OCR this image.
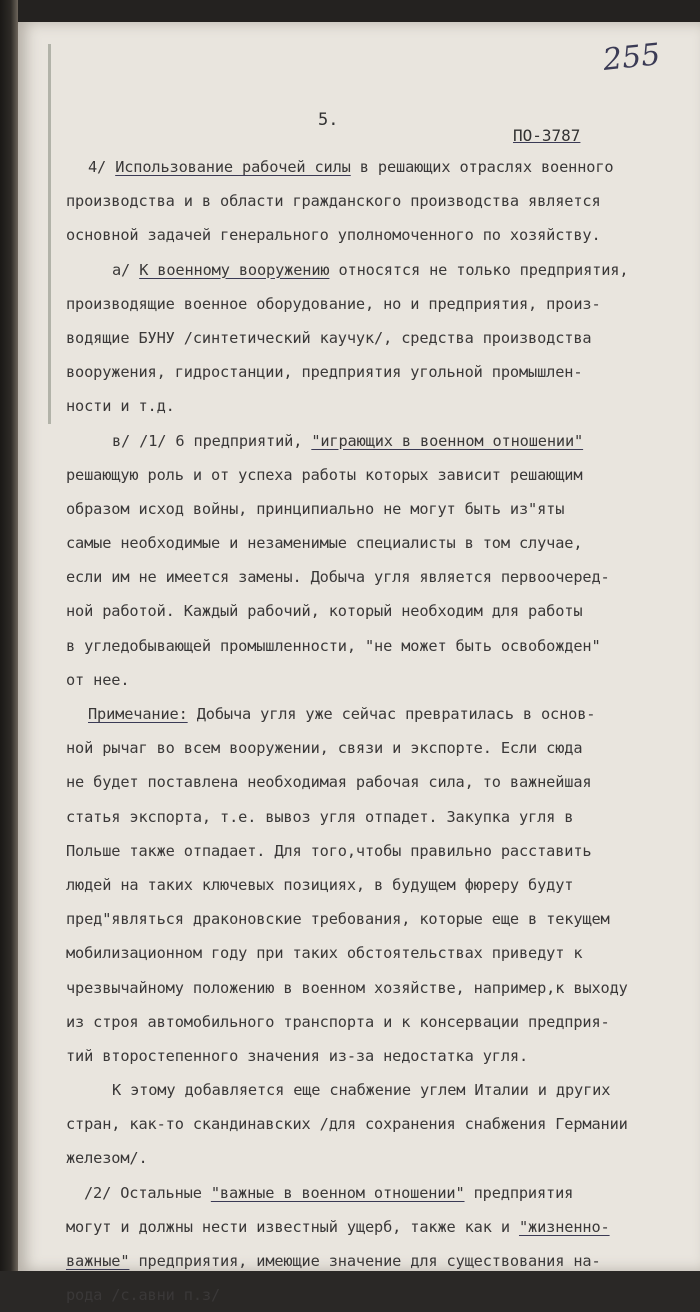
255
5.
ПО-3787
4/ Использование рабочей силы в решающих отраслях военного
производства и в области гражданского производства является
основной задачей генерального уполномоченного по хозяйству.
а/ К военному вооружению относятся не только предприятия,
производящие военное оборудование, но и предприятия, произ-
водящие БУНУ /синтетический каучук/, средства производства
вооружения, гидростанции, предприятия угольной промышлен-
ности и т.д.
в/ /1/ 6 предприятий, "играющих в военном отношении"
решающую роль и от успеха работы которых зависит решающим
образом исход войны, принципиально не могут быть из"яты
самые необходимые и незаменимые специалисты в том случае,
если им не имеется замены. Добыча угля является первоочеред-
ной работой. Каждый рабочий, который необходим для работы
в угледобывающей промышленности, "не может быть освобожден"
от нее.
Примечание: Добыча угля уже сейчас превратилась в основ-
ной рычаг во всем вооружении, связи и экспорте. Если сюда
не будет поставлена необходимая рабочая сила, то важнейшая
статья экспорта, т.е. вывоз угля отпадет. Закупка угля в
Польше также отпадает. Для того,чтобы правильно расставить
людей на таких ключевых позициях, в будущем фюреру будут
пред"являться драконовские требования, которые еще в текущем
мобилизационном году при таких обстоятельствах приведут к
чрезвычайному положению в военном хозяйстве, например,к выходу
из строя автомобильного транспорта и к консервации предприя-
тий второстепенного значения из-за недостатка угля.
К этому добавляется еще снабжение углем Италии и других
стран, как-то скандинавских /для сохранения снабжения Германии
железом/.
/2/ Остальные "важные в военном отношении" предприятия
могут и должны нести известный ущерб, также как и "жизненно-
важные" предприятия, имеющие значение для существования на-
рода /с.авни п.з/
